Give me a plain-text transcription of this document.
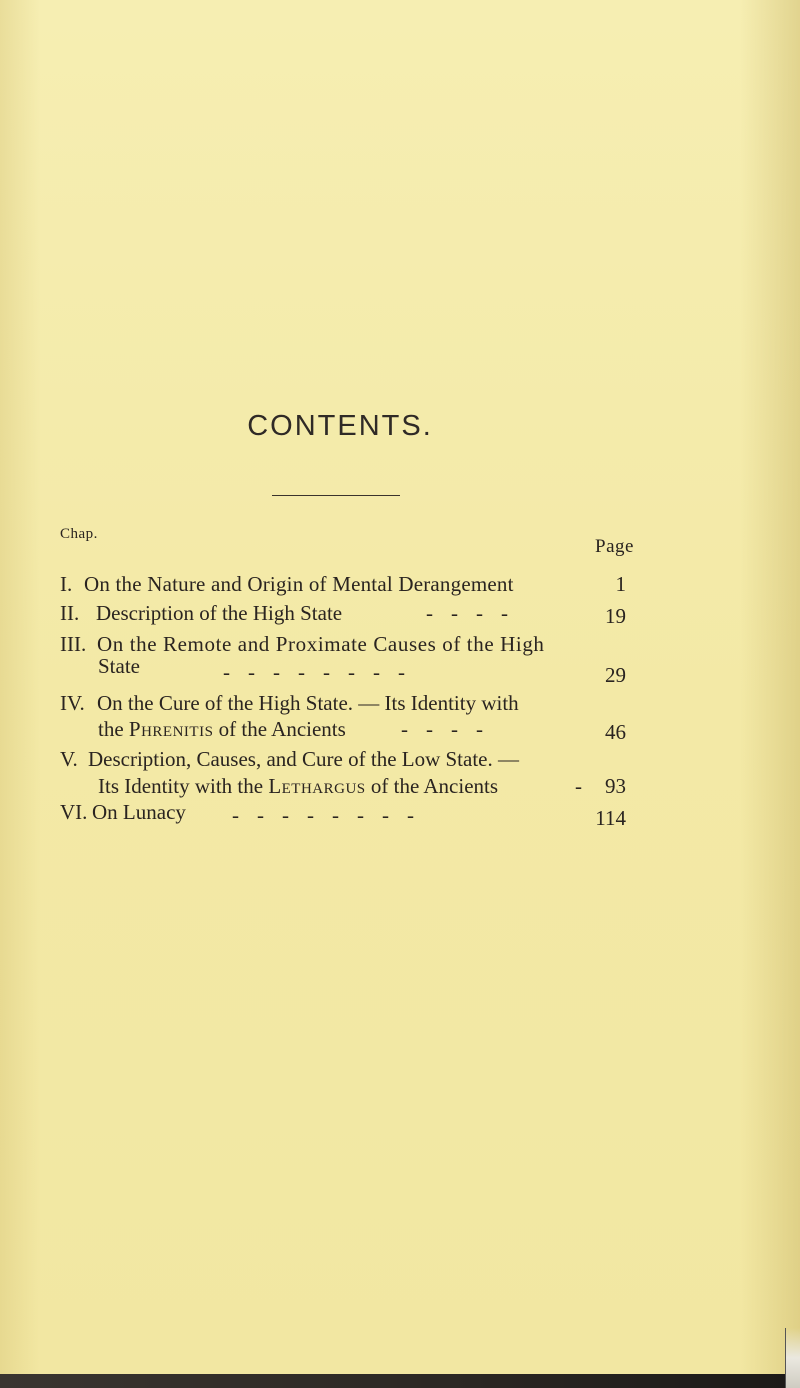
CONTENTS.
Chap.
Page
I. On the Nature and Origin of Mental Derangement	1
II. Description of the High State	----	19
III. On the Remote and Proximate Causes of the High
State	--------	29
IV. On the Cure of the High State. — Its Identity with
the Phrenitis of the Ancients	----	46
V. Description, Causes, and Cure of the Low State. —
Its Identity with the Lethargus of the Ancients	- 93
VI. On Lunacy --------	114
